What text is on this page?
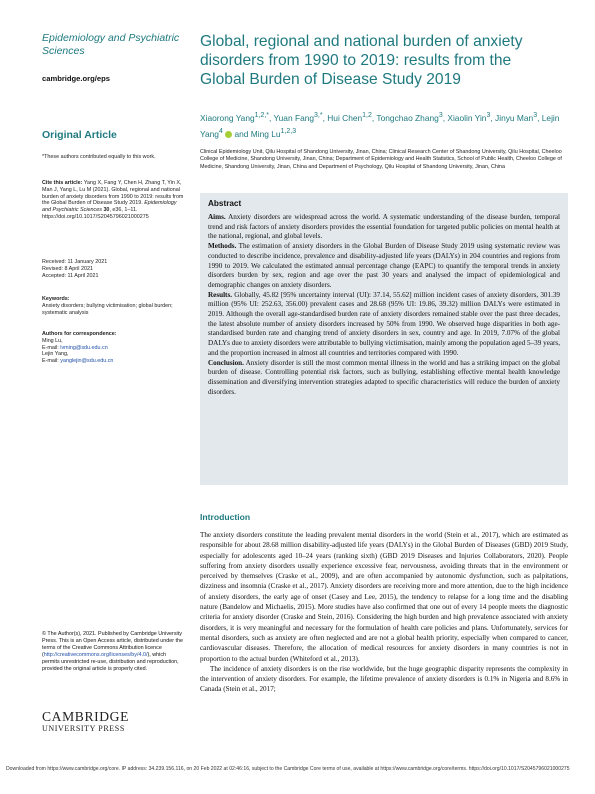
Epidemiology and Psychiatric Sciences
cambridge.org/eps
Original Article
*These authors contributed equally to this work.
Cite this article: Yang X, Fang Y, Chen H, Zhang T, Yin X, Man J, Yang L, Lu M (2021). Global, regional and national burden of anxiety disorders from 1990 to 2019: results from the Global Burden of Disease Study 2019. Epidemiology and Psychiatric Sciences 30, e36, 1–11. https://doi.org/10.1017/S2045796021000275
Received: 11 January 2021
Revised: 8 April 2021
Accepted: 11 April 2021
Keywords:
Anxiety disorders; bullying victimisation; global burden; systematic analysis
Authors for correspondence:
Ming Lu,
E-mail: lvming@sdu.edu.cn
Lejin Yang,
E-mail: yanglejin@sdu.edu.cn
Global, regional and national burden of anxiety disorders from 1990 to 2019: results from the Global Burden of Disease Study 2019
Xiaorong Yang$^{1,2,*}$, Yuan Fang$^{3,*}$, Hui Chen$^{1,2}$, Tongchao Zhang$^3$, Xiaolin Yin$^3$, Jinyu Man$^3$, Lejin Yang$^4$ and Ming Lu$^{1,2,3}$
Clinical Epidemiology Unit, Qilu Hospital of Shandong University, Jinan, China; Clinical Research Center of Shandong University, Qilu Hospital, Cheeloo College of Medicine, Shandong University, Jinan, China; Department of Epidemiology and Health Statistics, School of Public Health, Cheeloo College of Medicine, Shandong University, Jinan, China and Department of Psychology, Qilu Hospital of Shandong University, Jinan, China
Abstract

Aims. Anxiety disorders are widespread across the world. A systematic understanding of the disease burden, temporal trend and risk factors of anxiety disorders provides the essential foundation for targeted public policies on mental health at the national, regional, and global levels.

Methods. The estimation of anxiety disorders in the Global Burden of Disease Study 2019 using systematic review was conducted to describe incidence, prevalence and disability-adjusted life years (DALYs) in 204 countries and regions from 1990 to 2019. We calculated the estimated annual percentage change (EAPC) to quantify the temporal trends in anxiety disorders burden by sex, region and age over the past 30 years and analysed the impact of epidemiological and demographic changes on anxiety disorders.

Results. Globally, 45.82 [95% uncertainty interval (UI): 37.14, 55.62] million incident cases of anxiety disorders, 301.39 million (95% UI: 252.63, 356.00) prevalent cases and 28.68 (95% UI: 19.86, 39.32) million DALYs were estimated in 2019. Although the overall age-standardised burden rate of anxiety disorders remained stable over the past three decades, the latest absolute number of anxiety disorders increased by 50% from 1990. We observed huge disparities in both age-standardised burden rate and changing trend of anxiety disorders in sex, country and age. In 2019, 7.07% of the global DALYs due to anxiety disorders were attributable to bullying victimisation, mainly among the population aged 5–39 years, and the proportion increased in almost all countries and territories compared with 1990.

Conclusion. Anxiety disorder is still the most common mental illness in the world and has a striking impact on the global burden of disease. Controlling potential risk factors, such as bullying, establishing effective mental health knowledge dissemination and diversifying intervention strategies adapted to specific characteristics will reduce the burden of anxiety disorders.

Introduction

The anxiety disorders constitute the leading prevalent mental disorders in the world (Stein et al., 2017), which are estimated as responsible for about 28.68 million disability-adjusted life years (DALYs) in the Global Burden of Diseases (GBD) 2019 Study, especially for adolescents aged 10–24 years (ranking sixth) (GBD 2019 Diseases and Injuries Collaborators, 2020). People suffering from anxiety disorders usually experience excessive fear, nervousness, avoiding threats that in the environment or perceived by themselves (Craske et al., 2009), and are often accompanied by autonomic dysfunction, such as palpitations, dizziness and insomnia (Craske et al., 2017). Anxiety disorders are receiving more and more attention, due to the high incidence of anxiety disorders, the early age of onset (Casey and Lee, 2015), the tendency to relapse for a long time and the disabling nature (Bandelow and Michaelis, 2015). More studies have also confirmed that one out of every 14 people meets the diagnostic criteria for anxiety disorder (Craske and Stein, 2016). Considering the high burden and high prevalence associated with anxiety disorders, it is very meaningful and necessary for the formulation of health care policies and plans. Unfortunately, services for mental disorders, such as anxiety are often neglected and are not a global health priority, especially when compared to cancer, cardiovascular diseases. Therefore, the allocation of medical resources for anxiety disorders in many countries is not in proportion to the actual burden (Whiteford et al., 2013).

The incidence of anxiety disorders is on the rise worldwide, but the huge geographic disparity represents the complexity in the intervention of anxiety disorders. For example, the lifetime prevalence of anxiety disorders is 0.1% in Nigeria and 8.6% in Canada (Stein et al., 2017;

© The Author(s), 2021. Published by Cambridge University Press. This is an Open Access article, distributed under the terms of the Creative Commons Attribution licence (http://creativecommons.org/licenses/by/4.0/), which permits unrestricted re-use, distribution and reproduction, provided the original article is properly cited.
CAMBRIDGE
UNIVERSITY PRESS
Downloaded from https://www.cambridge.org/core. IP address: 34.239.156.116, on 20 Feb 2022 at 02:46:16, subject to the Cambridge Core terms of use, available at https://www.cambridge.org/core/terms. https://doi.org/10.1017/S2045796021000275
